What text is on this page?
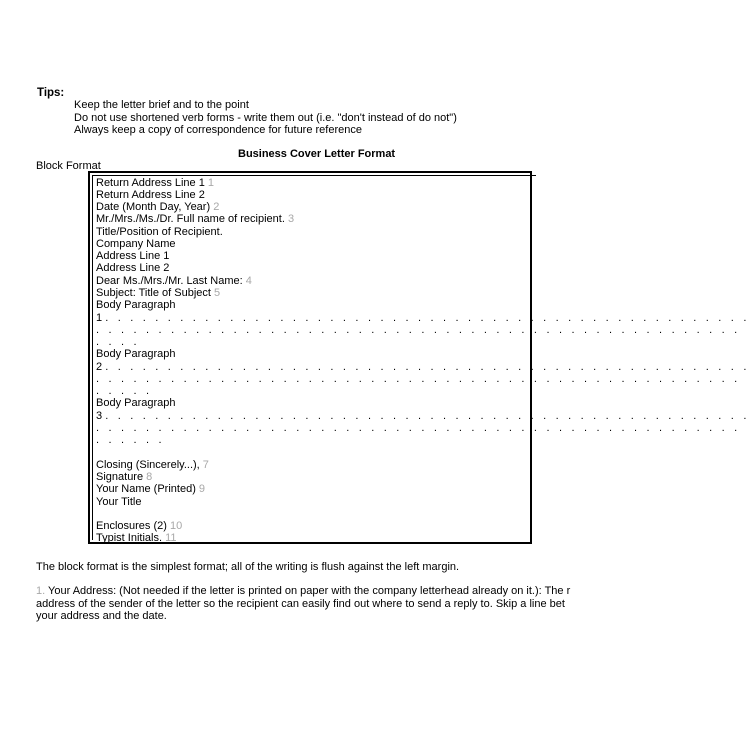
Tips:
Keep the letter brief and to the point
Do not use shortened verb forms - write them out (i.e. "don't instead of do not")
Always keep a copy of correspondence for future reference
Business Cover Letter Format
Block Format
Return Address Line 1 1
Return Address Line 2
Date (Month Day, Year) 2
Mr./Mrs./Ms./Dr. Full name of recipient. 3
Title/Position of Recipient.
Company Name
Address Line 1
Address Line 2
Dear Ms./Mrs./Mr. Last Name: 4
Subject: Title of Subject 5
Body Paragraph
1 . . . . . . . . . . . . . . . . . . . . . . . . . . . . . . . . . . . . . . . . . . . . . . . . . . . .
. . . . . . . . . . . . . . . . . . . . . . . . . . . . . . . . . . . . . . . . . . . . . . . . . . . .
. . . .
Body Paragraph
2 . . . . . . . . . . . . . . . . . . . . . . . . . . . . . . . . . . . . . . . . . . . . . . . . . . . .
. . . . . . . . . . . . . . . . . . . . . . . . . . . . . . . . . . . . . . . . . . . . . . . . . . . .
. . . . .
Body Paragraph
3 . . . . . . . . . . . . . . . . . . . . . . . . . . . . . . . . . . . . . . . . . . . . . . . . . . . .
. . . . . . . . . . . . . . . . . . . . . . . . . . . . . . . . . . . . . . . . . . . . . . . . . . . .
. . . . . .
Closing (Sincerely...), 7
Signature 8
Your Name (Printed) 9
Your Title
Enclosures (2) 10
Typist Initials. 11
The block format is the simplest format; all of the writing is flush against the left margin.
1. Your Address: (Not needed if the letter is printed on paper with the company letterhead already on it.): The r
address of the sender of the letter so the recipient can easily find out where to send a reply to. Skip a line bet
your address and the date.
